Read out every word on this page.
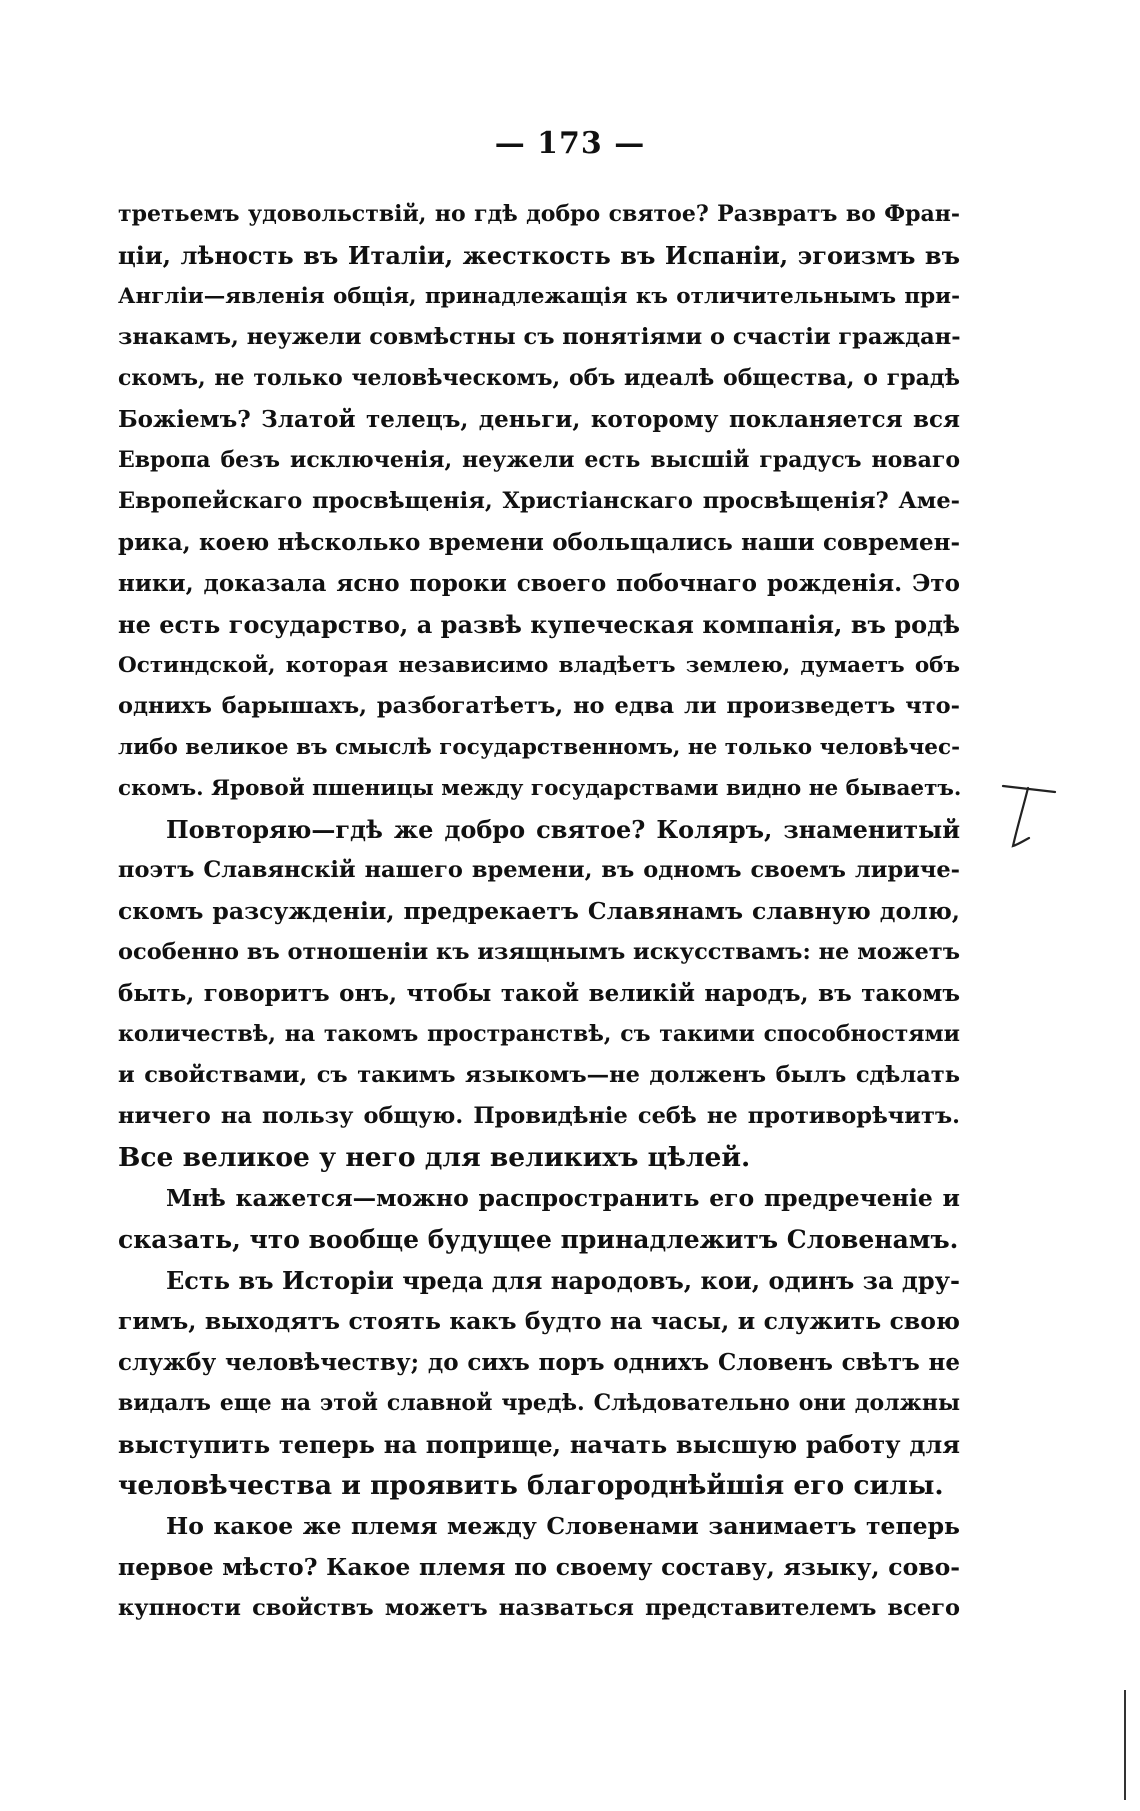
— 173 —
третьемъ удовольствій, но гдѣ добро святое? Развратъ во Фран-
ціи, лѣность въ Италіи, жесткость въ Испаніи, эгоизмъ въ
Англіи—явленія общія, принадлежащія къ отличительнымъ при-
знакамъ, неужели совмѣстны съ понятіями о счастіи граждан-
скомъ, не только человѣческомъ, объ идеалѣ общества, о градѣ
Божіемъ? Златой телецъ, деньги, которому покланяется вся
Европа безъ исключенія, неужели есть высшій градусъ новаго
Европейскаго просвѣщенія, Христіанскаго просвѣщенія? Аме-
рика, коею нѣсколько времени обольщались наши современ-
ники, доказала ясно пороки своего побочнаго рожденія. Это
не есть государство, а развѣ купеческая компанія, въ родѣ
Остиндской, которая независимо владѣетъ землею, думаетъ объ
однихъ барышахъ, разбогатѣетъ, но едва ли произведетъ что-
либо великое въ смыслѣ государственномъ, не только человѣчес-
скомъ. Яровой пшеницы между государствами видно не бываетъ.
Повторяю—гдѣ же добро святое? Коляръ, знаменитый
поэтъ Славянскій нашего времени, въ одномъ своемъ лириче-
скомъ разсужденіи, предрекаетъ Славянамъ славную долю,
особенно въ отношеніи къ изящнымъ искусствамъ: не можетъ
быть, говоритъ онъ, чтобы такой великій народъ, въ такомъ
количествѣ, на такомъ пространствѣ, съ такими способностями
и свойствами, съ такимъ языкомъ—не долженъ былъ сдѣлать
ничего на пользу общую. Провидѣніе себѣ не противорѣчитъ.
Все великое у него для великихъ цѣлей.
Мнѣ кажется—можно распространить его предреченіе и
сказать, что вообще будущее принадлежитъ Словенамъ.
Есть въ Исторіи чреда для народовъ, кои, одинъ за дру-
гимъ, выходятъ стоять какъ будто на часы, и служить свою
службу человѣчеству; до сихъ поръ однихъ Словенъ свѣтъ не
видалъ еще на этой славной чредѣ. Слѣдовательно они должны
выступить теперь на поприще, начать высшую работу для
человѣчества и проявить благороднѣйшія его силы.
Но какое же племя между Словенами занимаетъ теперь
первое мѣсто? Какое племя по своему составу, языку, сово-
купности свойствъ можетъ назваться представителемъ всего
